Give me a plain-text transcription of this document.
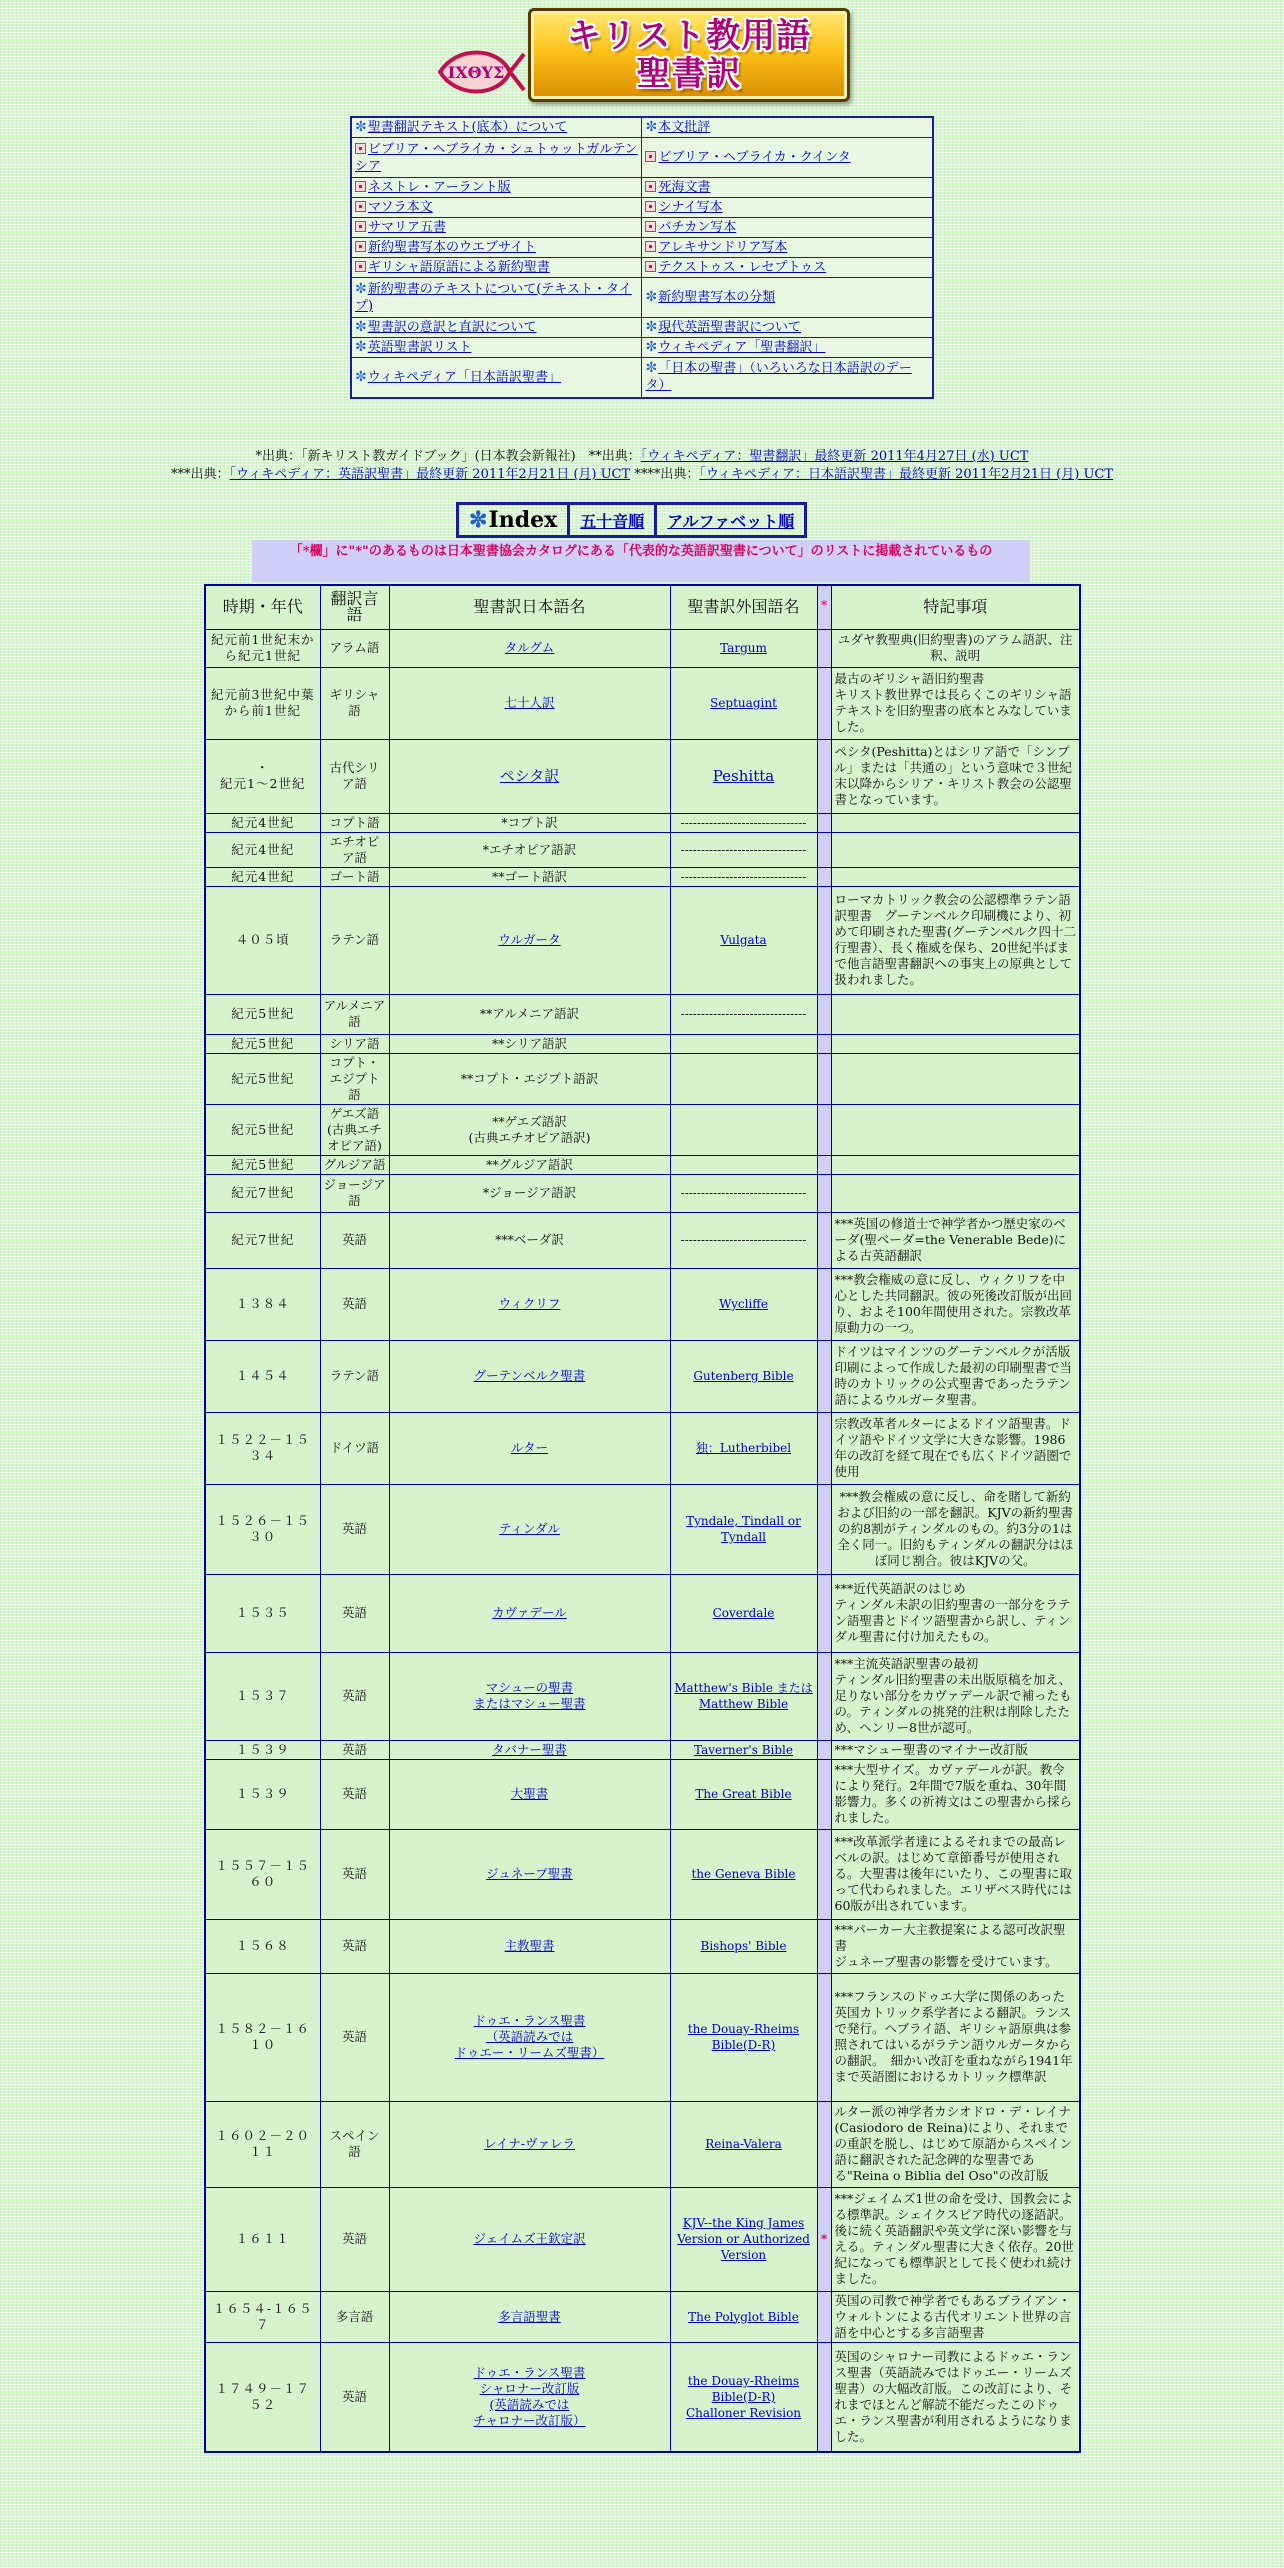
ΙΧΘΥΣ
キリスト教用語
聖書訳
✼聖書翻訳テキスト(底本）について	✼本文批評
ビブリア・ヘブライカ・シュトゥットガルテンシア	ビブリア・ヘブライカ・クインタ
ネストレ・アーラント版	死海文書
マソラ本文	シナイ写本
サマリア五書	バチカン写本
新約聖書写本のウエブサイト	アレキサンドリア写本
ギリシャ語原語による新約聖書	テクストゥス・レセプトゥス
✼新約聖書のテキストについて(テキスト・タイプ)	✼新約聖書写本の分類
✼聖書訳の意訳と直訳について	✼現代英語聖書訳について
✼英語聖書訳リスト	✼ウィキペディア「聖書翻訳」
✼ウィキペディア「日本語訳聖書」	✼「日本の聖書」（いろいろな日本語訳のデータ）
*出典：「新キリスト教ガイドブック」(日本教会新報社)　**出典：「ウィキペディア：聖書翻訳」最終更新 2011年4月27日 (水) UCT
***出典：「ウィキペディア：英語訳聖書」最終更新 2011年2月21日 (月) UCT ****出典：「ウィキペディア：日本語訳聖書」最終更新 2011年2月21日 (月) UCT
✼Index	五十音順	アルファベット順
「*欄」に"*"のあるものは日本聖書協会カタログにある「代表的な英語訳聖書について」のリストに掲載されているもの
時期・年代	翻訳言語	聖書訳日本語名	聖書訳外国語名	*	特記事項
紀元前1世紀末から紀元1世紀	アラム語	タルグム	Targum		ユダヤ教聖典(旧約聖書)のアラム語訳、注釈、説明
紀元前3世紀中葉から前1世紀	ギリシャ語	七十人訳	Septuagint		最古のギリシャ語旧約聖書
キリスト教世界では長らくこのギリシャ語テキストを旧約聖書の底本とみなしていました。
・
紀元1～2世紀	古代シリア語	ペシタ訳	Peshitta		ペシタ(Peshitta)とはシリア語で「シンプル」または「共通の」という意味で３世紀末以降からシリア・キリスト教会の公認聖書となっています。
紀元4世紀	コプト語	*コプト訳	-------------------------------		
紀元4世紀	エチオピア語	*エチオピア語訳	-------------------------------		
紀元4世紀	ゴート語	**ゴート語訳	-------------------------------		
４０５頃	ラテン語	ウルガータ	Vulgata		ローマカトリック教会の公認標準ラテン語訳聖書　グーテンベルク印刷機により、初めて印刷された聖書(グーテンベルク四十二行聖書）、長く権威を保ち、20世紀半ばまで他言語聖書翻訳への事実上の原典として扱われました。
紀元5世紀	アルメニア語	**アルメニア語訳	-------------------------------		
紀元5世紀	シリア語	**シリア語訳			
紀元5世紀	コプト・エジプト語	**コプト・エジプト語訳			
紀元5世紀	ゲエズ語(古典エチオピア語)	**ゲエズ語訳
(古典エチオピア語訳)			
紀元5世紀	グルジア語	**グルジア語訳			
紀元7世紀	ジョージア語	*ジョージア語訳	-------------------------------		
紀元7世紀	英語	***ベーダ訳	-------------------------------		***英国の修道士で神学者かつ歴史家のベーダ(聖ベーダ=the Venerable Bede)による古英語翻訳
１３８４	英語	ウィクリフ	Wycliffe		***教会権威の意に反し、ウィクリフを中心とした共同翻訳。彼の死後改訂版が出回り、およそ100年間使用された。宗教改革原動力の一つ。
１４５４	ラテン語	グーテンベルク聖書	Gutenberg Bible		ドイツはマインツのグーテンベルクが活版印刷によって作成した最初の印刷聖書で当時のカトリックの公式聖書であったラテン語によるウルガータ聖書。
１５２２－１５３４	ドイツ語	ルター	独：Lutherbibel		宗教改革者ルターによるドイツ語聖書。ドイツ語やドイツ文学に大きな影響。1986年の改訂を経て現在でも広くドイツ語圏で使用
１５２６－１５３０	英語	ティンダル	Tyndale, Tindall or Tyndall		***教会権威の意に反し、命を賭して新約および旧約の一部を翻訳。KJVの新約聖書の約8割がティンダルのもの。約3分の1は全く同一。旧約もティンダルの翻訳分はほぼ同じ割合。彼はKJVの父。
１５３５	英語	カヴァデール	Coverdale		***近代英語訳のはじめ
ティンダル未訳の旧約聖書の一部分をラテン語聖書とドイツ語聖書から訳し、ティンダル聖書に付け加えたもの。
１５３７	英語	マシューの聖書
またはマシュー聖書	Matthew's Bible または Matthew Bible		***主流英語訳聖書の最初
ティンダル旧約聖書の未出版原稿を加え、足りない部分をカヴァデール訳で補ったもの。ティンダルの挑発的注釈は削除したため、ヘンリー8世が認可。
１５３９	英語	タバナー聖書	Taverner's Bible		***マシュー聖書のマイナー改訂版
１５３９	英語	大聖書	The Great Bible		***大型サイズ。カヴァデールが訳。教令により発行。2年間で7版を重ね、30年間影響力。多くの祈祷文はこの聖書から採られました。
１５５７－１５６０	英語	ジュネーブ聖書	the Geneva Bible		***改革派学者達によるそれまでの最高レベルの訳。はじめて章節番号が使用される。大聖書は後年にいたり、この聖書に取って代わられました。エリザベス時代には60版が出されています。
１５６８	英語	主教聖書	Bishops' Bible		***パーカー大主教提案による認可改訳聖書
ジュネーブ聖書の影響を受けています。
１５８２－１６１０	英語	ドゥエ・ランス聖書
（英語読みでは
ドゥエー・リームズ聖書）	the Douay-Rheims Bible(D-R)		***フランスのドゥエ大学に関係のあった英国カトリック系学者による翻訳。ランスで発行。ヘブライ語、ギリシャ語原典は参照されてはいるがラテン語ウルガータからの翻訳。　細かい改訂を重ねながら1941年まで英語圏におけるカトリック標準訳
１６０２－２０１１	スペイン語	レイナ-ヴァレラ	Reina-Valera		ルター派の神学者カシオドロ・デ・レイナ(Casiodoro de Reina)により、それまでの重訳を脱し、はじめて原語からスペイン語に翻訳された記念碑的な聖書である"Reina o Biblia del Oso"の改訂版
１６１１	英語	ジェイムズ王欽定訳	KJV--the King James Version or Authorized Version	*	***ジェイムズ1世の命を受け、国教会による標準訳。シェイクスピア時代の逐語訳。後に続く英語翻訳や英文学に深い影響を与える。ティンダル聖書に大きく依存。20世紀になっても標準訳として長く使われ続けました。
１６５４-１６５７	多言語	多言語聖書	The Polyglot Bible		英国の司教で神学者でもあるブライアン・ウォルトンによる古代オリエント世界の言語を中心とする多言語聖書
１７４９－１７５２	英語	ドゥエ・ランス聖書
シャロナー改訂版
(英語読みでは
チャロナー改訂版）	the Douay-Rheims Bible(D-R)
Challoner Revision		英国のシャロナー司教によるドゥエ・ランス聖書（英語読みではドゥエー・リームズ聖書）の大幅改訂版。この改訂により、それまでほとんど解読不能だったこのドゥエ・ランス聖書が利用されるようになりました。
